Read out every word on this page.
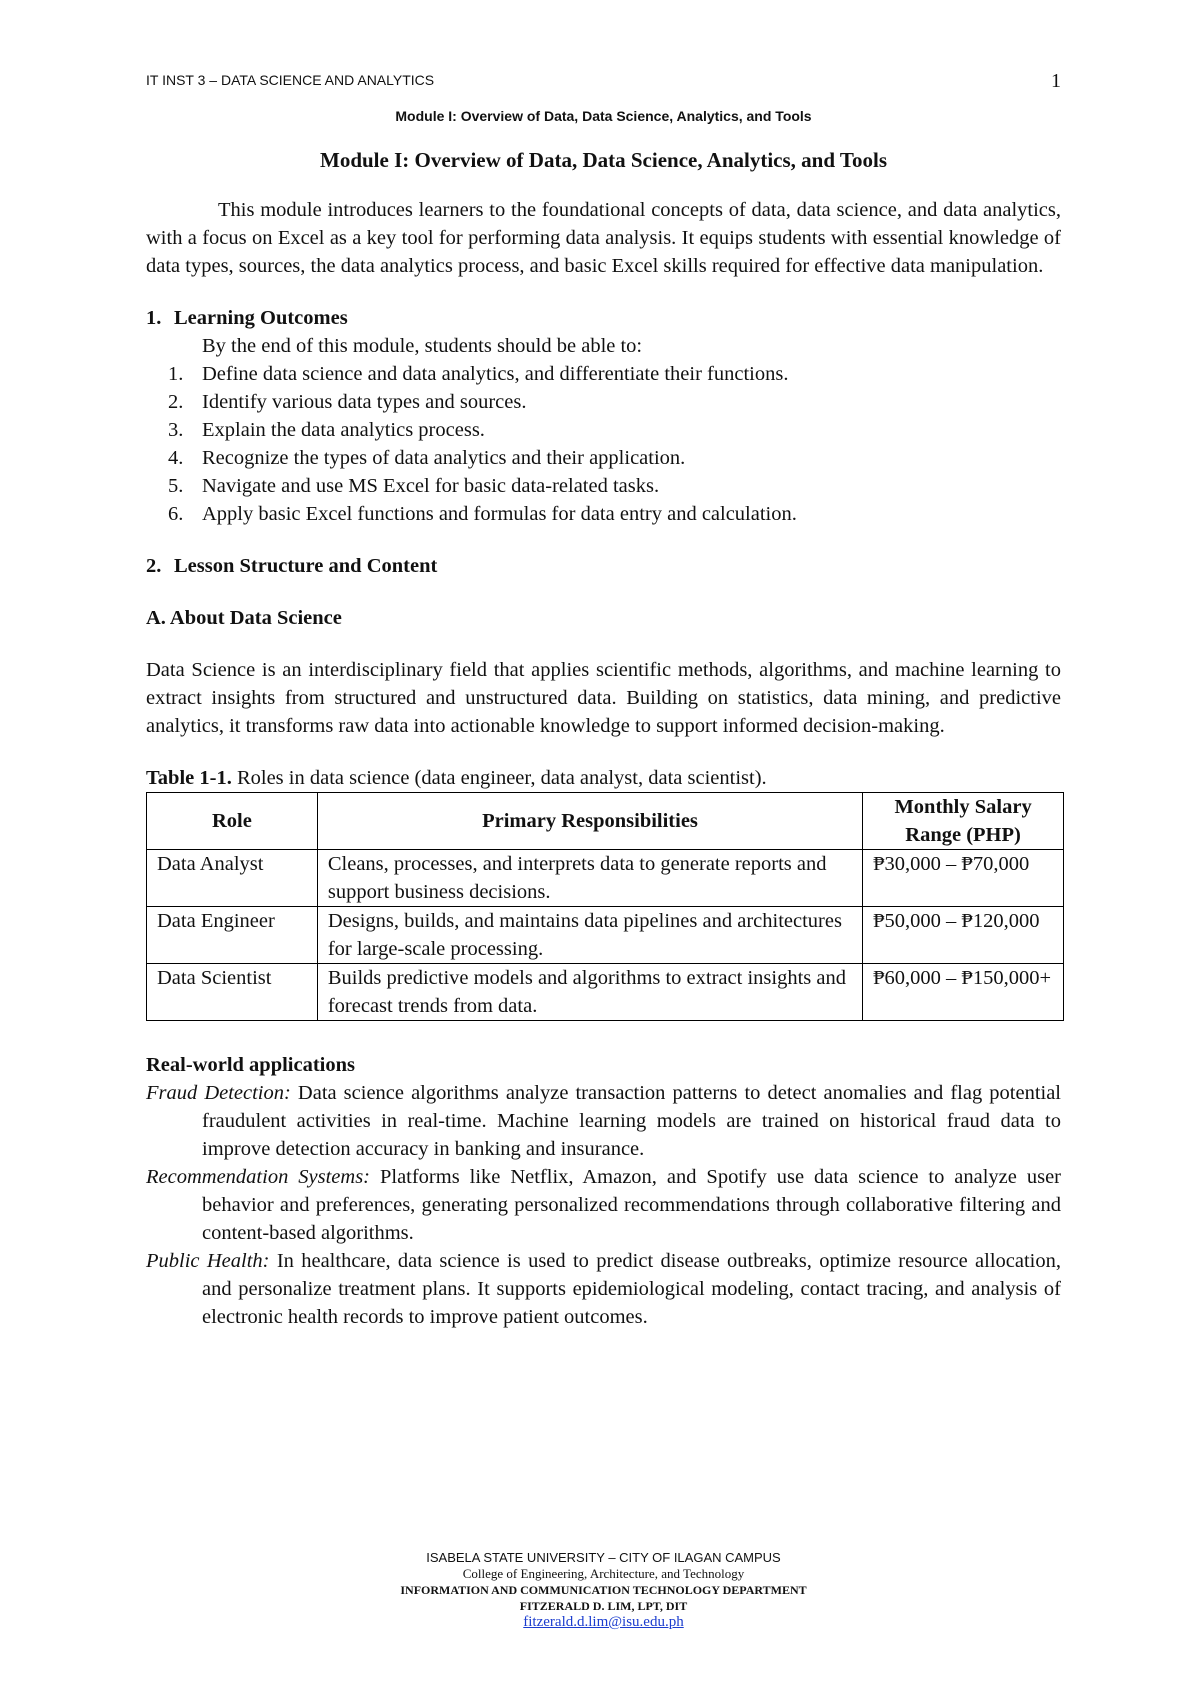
IT INST 3 – DATA SCIENCE AND ANALYTICS	1
Module I: Overview of Data, Data Science, Analytics, and Tools
Module I: Overview of Data, Data Science, Analytics, and Tools

This module introduces learners to the foundational concepts of data, data science, and data analytics, with a focus on Excel as a key tool for performing data analysis. It equips students with essential knowledge of data types, sources, the data analytics process, and basic Excel skills required for effective data manipulation.

1. Learning Outcomes

By the end of this module, students should be able to:

1. Define data science and data analytics, and differentiate their functions.
2. Identify various data types and sources.
3. Explain the data analytics process.
4. Recognize the types of data analytics and their application.
5. Navigate and use MS Excel for basic data-related tasks.
6. Apply basic Excel functions and formulas for data entry and calculation.
2. Lesson Structure and Content
A. About Data Science

Data Science is an interdisciplinary field that applies scientific methods, algorithms, and machine learning to extract insights from structured and unstructured data. Building on statistics, data mining, and predictive analytics, it transforms raw data into actionable knowledge to support informed decision-making.

Table 1-1. Roles in data science (data engineer, data analyst, data scientist).

Role	Primary Responsibilities	Monthly Salary Range (PHP)
Data Analyst	Cleans, processes, and interprets data to generate reports and support business decisions.	₱30,000 – ₱70,000
Data Engineer	Designs, builds, and maintains data pipelines and architectures for large-scale processing.	₱50,000 – ₱120,000
Data Scientist	Builds predictive models and algorithms to extract insights and forecast trends from data.	₱60,000 – ₱150,000+
Real-world applications

Fraud Detection: Data science algorithms analyze transaction patterns to detect anomalies and flag potential fraudulent activities in real-time. Machine learning models are trained on historical fraud data to improve detection accuracy in banking and insurance.

Recommendation Systems: Platforms like Netflix, Amazon, and Spotify use data science to analyze user behavior and preferences, generating personalized recommendations through collaborative filtering and content-based algorithms.

Public Health: In healthcare, data science is used to predict disease outbreaks, optimize resource allocation, and personalize treatment plans. It supports epidemiological modeling, contact tracing, and analysis of electronic health records to improve patient outcomes.

ISABELA STATE UNIVERSITY – CITY OF ILAGAN CAMPUS
College of Engineering, Architecture, and Technology
INFORMATION AND COMMUNICATION TECHNOLOGY DEPARTMENT
FITZERALD D. LIM, LPT, DIT
fitzerald.d.lim@isu.edu.ph
